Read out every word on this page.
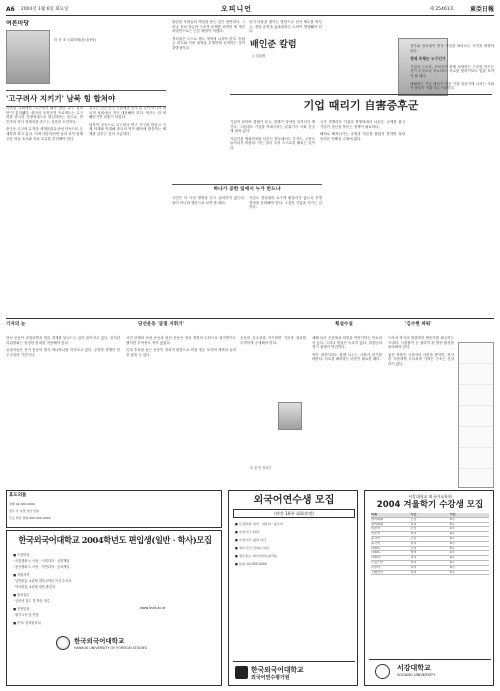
A6 2004년 1월 6일 화요일	오피니언	제 25461호	東亞日報
여론마당
미 응 조 국회의원(한나라당)
'고구려사 지키기' 남북 힘 합쳐야

지난달 국회에서 '고구려사 왜곡 중단 촉구 결의안'이 통과됐다. 중국의 동북공정 프로젝트는 고구려를 중국의 지방정권으로 편입하려는 것으로, 한민족의 역사 정체성을 흔드는 심각한 도전이다.

중국은 고구려 유적을 세계문화유산에 단독으로 등재하려 하고 있다. 이에 대응하려면 남과 북이 함께 공동 학술 조사와 자료 교류를 추진해야 한다.

정부는 민간 연구 기관에만 맡겨 둘 것이 아니라 외교적 차원에서 적극 대응해야 한다. 역사는 한 번 빼앗기면 되찾기 어렵다.

남북이 공동으로 고구려사 연구 기구를 만들고 국제 학계와 연대해 중국의 역사 왜곡에 대응하는 체계를 갖추는 것이 시급하다.

관련된 사람들의 책임을 묻는 것은 당연하다. 그러나 정치 자금의 구조적 문제를 외면한 채 개인 처벌만으로는 근본 해결이 어렵다.

정치권은 스스로 제도 개혁에 나서야 한다. 후원금 한도와 사용 내역을 투명하게 공개하는 것이 출발점이다.

선거 비용을 줄이는 방향으로 선거 제도를 바꾸고, 정당 운영을 효율화하는 노력이 병행돼야 한다.

하나가 공한 일에서 누가 반드냐

국민은 더 이상 변명을 듣고 싶어하지 않는다. 말이 아니라 행동으로 보여 줄 때다.

기업도 정치권의 요구에 휘둘리지 않도록 투명 경영을 강화해야 한다. 그것이 기업을 지키는 길이다.

배인준 칼럼
논설위원
기업 때리기 自害증후군

기업이 살아야 경제가 살고, 경제가 살아야 일자리가 생긴다. 그런데도 기업을 적대시하는 분위기가 사회 곳곳에 퍼져 있다.

기업인을 범죄자처럼 다루는 풍토에서는 투자도, 고용도 늘어나기 어렵다. 이는 결국 우리 스스로를 해치는 일이다.

국가 경쟁력은 기업의 경쟁력에서 나온다. 규제를 풀고 기업가 정신을 북돋는 정책이 필요하다.

해외로 빠져나가는 공장과 자본을 붙잡지 못하면 성장 동력은 약해질 수밖에 없다.

정부와 정치권이 먼저 기업을 바라보는 시각을 바꿔야 한다.

경제 주체는 누구인가

기업과 근로자, 소비자가 함께 성장하는 구조를 만드는 것이 무엇보다 중요하다. 서로를 탓하기보다 힘을 모아야 할 때다.

새해에는 기업 때리기 대신 기업 살리기에 나서는 사회적 합의가 이뤄지길 기대한다.

기자의 눈

당선 운동이 과열되면서 법의 경계를 넘나드는 일이 잦아지고 있다. 선거관리위원회는 엄정한 잣대를 적용해야 한다.

유권자들은 선거 운동의 방식 하나하나를 지켜보고 있다. 공정한 경쟁이 민주주의의 기본이다.

당선운동 '굴절 지휘기'

시민 단체의 낙선 운동과 당선 운동은 정치 개혁의 수단으로 평가받기도 했지만 부작용도 적지 않았다.

특정 후보를 돕는 운동이 정치적 편향으로 비칠 경우 오히려 개혁의 동력을 잃을 수 있다.

운동의 순수성을 지키려면 기준과 절차를 투명하게 공개해야 한다.

조 용 빈 정치부
횡설수설

새해 들어 곳곳에서 희망을 이야기하는 목소리가 높다. 그러나 현실은 녹록지 않다. 취업난과 경기 침체가 여전하다.

작은 희망이라도 함께 나누는 사회가 되기를 바란다. 서로를 배려하는 마음이 필요한 때다.

'김수현 파워'

드라마 작가의 영향력이 방송가를 좌우하는 시대다. 시청률이 곧 권력이 된 방송 환경을 돌아봐야 한다.

좋은 작품은 시청자의 사랑을 받지만, 작가 한 사람에게 지나치게 기대는 구조는 건강하지 않다.

효도외롭
전화 02-000-0000
전국 각 지점 상담 안내
무료 상담 전화 080-000-0000
한국외국어대학교 2004학년도 편입생(일반 · 학사)모집
■ 모집학과
· 서울캠퍼스: 어문 · 사회과학 · 상경계열
· 용인캠퍼스: 어문 · 자연과학 · 공과계열
■ 지원자격
· 일반편입: 4년제 대학 2학년 이상 수료자
· 학사편입: 4년제 대학 졸업자
■ 원서접수
· 인터넷 접수 및 방문 접수
■ 전형일정
· 필기고사 및 면접
■ 문의: 입학관리처
www.hufs.ac.kr
한국외국어대학교
HANKUK UNIVERSITY OF FOREIGN STUDIES
외국어연수생 모집
(야간 10주 회화과정)
■ 모집과정: 영어 · 일본어 · 중국어
■ 수업기간: 10주
■ 수업시간: 평일 야간
■ 접수기간: 선착순 마감
■ 접수장소: 외국어연수평가원
■ 문의: 02-000-0000
한국외국어대학교
외국어연수평가원
서강대학교 외국어교육원
2004 겨울학기 수강생 모집
과정	시간	기간
영어회화	오전	8주
영어회화	저녁	8주
일본어	오전	8주
일본어	저녁	8주
중국어	오전	8주
중국어	저녁	8주
TOEIC	오전	8주
TOEIC	저녁	8주
TOEFL	저녁	8주
프랑스어	저녁	8주
독일어	저녁	8주
스페인어	저녁	8주
서강대학교
SOGANG UNIVERSITY
